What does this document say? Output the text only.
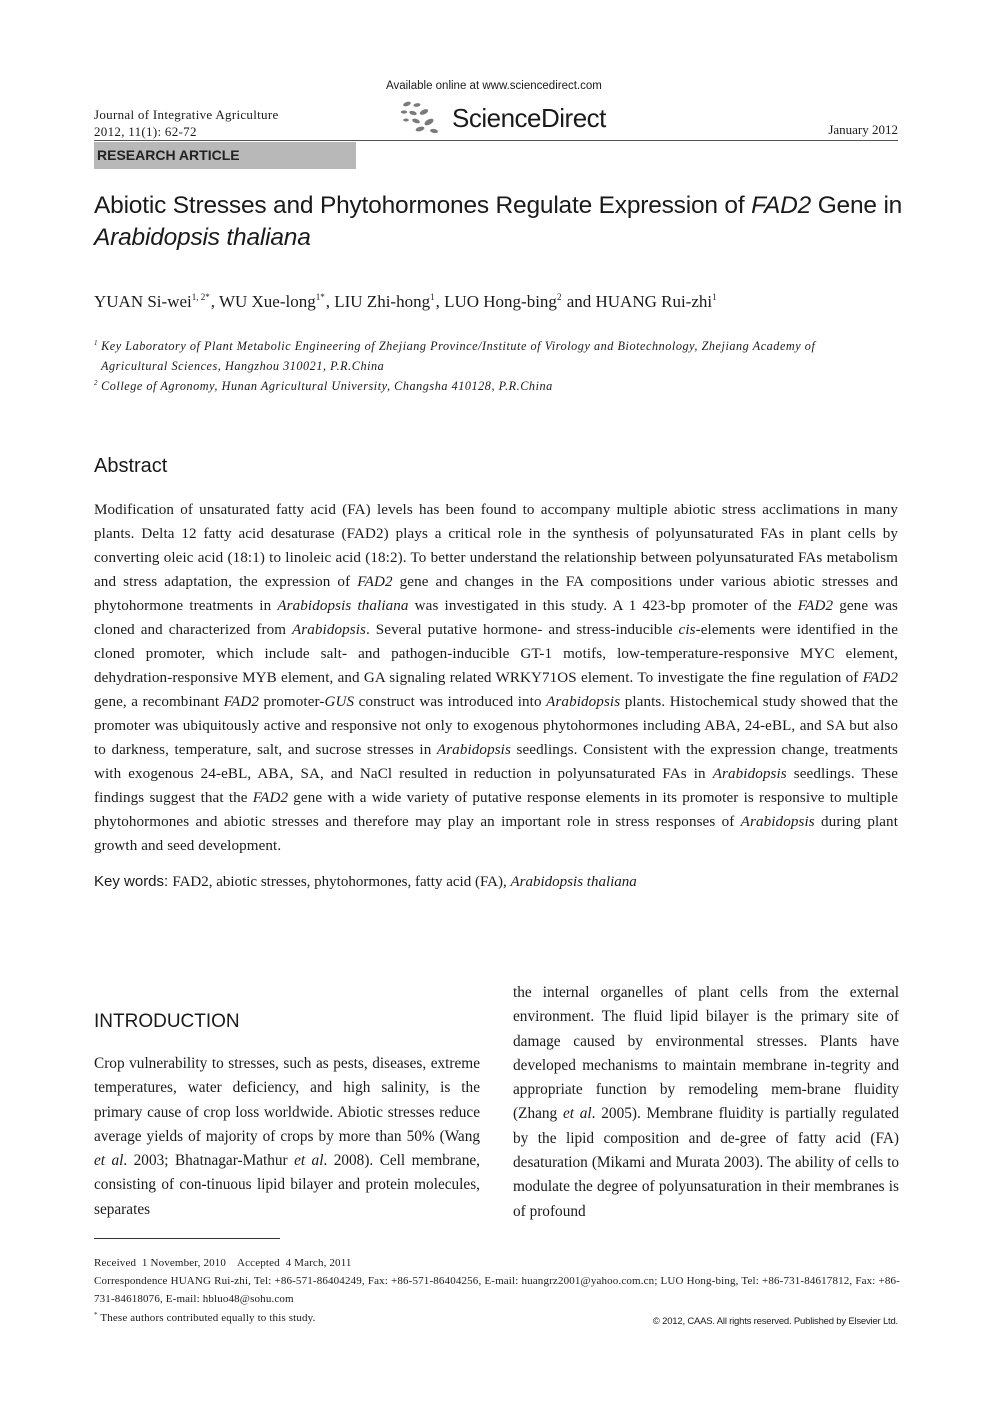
Journal of Integrative Agriculture
2012, 11(1): 62-72
Available online at www.sciencedirect.com
ScienceDirect	January 2012
RESEARCH ARTICLE
Abiotic Stresses and Phytohormones Regulate Expression of FAD2 Gene in
Arabidopsis thaliana
YUAN Si-wei$^{1, 2*}$, WU Xue-long$^{1*}$, LIU Zhi-hong$^1$, LUO Hong-bing$^2$ and HUANG Rui-zhi$^1$
$^1$ Key Laboratory of Plant Metabolic Engineering of Zhejiang Province/Institute of Virology and Biotechnology, Zhejiang Academy of
Agricultural Sciences, Hangzhou 310021, P.R.China
$^2$ College of Agronomy, Hunan Agricultural University, Changsha 410128, P.R.China
Abstract
Modification of unsaturated fatty acid (FA) levels has been found to accompany multiple abiotic stress acclimations in many plants. Delta 12 fatty acid desaturase (FAD2) plays a critical role in the synthesis of polyunsaturated FAs in plant cells by converting oleic acid (18:1) to linoleic acid (18:2). To better understand the relationship between polyunsaturated FAs metabolism and stress adaptation, the expression of FAD2 gene and changes in the FA compositions under various abiotic stresses and phytohormone treatments in Arabidopsis thaliana was investigated in this study. A 1 423-bp promoter of the FAD2 gene was cloned and characterized from Arabidopsis. Several putative hormone- and stress-inducible cis-elements were identified in the cloned promoter, which include salt- and pathogen-inducible GT-1 motifs, low-temperature-responsive MYC element, dehydration-responsive MYB element, and GA signaling related WRKY71OS element. To investigate the fine regulation of FAD2 gene, a recombinant FAD2 promoter-GUS construct was introduced into Arabidopsis plants. Histochemical study showed that the promoter was ubiquitously active and responsive not only to exogenous phytohormones including ABA, 24-eBL, and SA but also to darkness, temperature, salt, and sucrose stresses in Arabidopsis seedlings. Consistent with the expression change, treatments with exogenous 24-eBL, ABA, SA, and NaCl resulted in reduction in polyunsaturated FAs in Arabidopsis seedlings. These findings suggest that the FAD2 gene with a wide variety of putative response elements in its promoter is responsive to multiple phytohormones and abiotic stresses and therefore may play an important role in stress responses of Arabidopsis during plant growth and seed development.
Key words: FAD2, abiotic stresses, phytohormones, fatty acid (FA), Arabidopsis thaliana
INTRODUCTION
Crop vulnerability to stresses, such as pests, diseases, extreme temperatures, water deficiency, and high salinity, is the primary cause of crop loss worldwide. Abiotic stresses reduce average yields of majority of crops by more than 50% (Wang et al. 2003; Bhatnagar-Mathur et al. 2008). Cell membrane, consisting of con-tinuous lipid bilayer and protein molecules, separates
the internal organelles of plant cells from the external environment. The fluid lipid bilayer is the primary site of damage caused by environmental stresses. Plants have developed mechanisms to maintain membrane in-tegrity and appropriate function by remodeling mem-brane fluidity (Zhang et al. 2005). Membrane fluidity is partially regulated by the lipid composition and de-gree of fatty acid (FA) desaturation (Mikami and Murata 2003). The ability of cells to modulate the degree of polyunsaturation in their membranes is of profound
Received  1 November, 2010    Accepted  4 March, 2011
Correspondence HUANG Rui-zhi, Tel: +86-571-86404249, Fax: +86-571-86404256, E-mail: huangrz2001@yahoo.com.cn; LUO Hong-bing, Tel: +86-731-84617812, Fax: +86-731-84618076, E-mail: hbluo48@sohu.com
* These authors contributed equally to this study.	© 2012, CAAS. All rights reserved. Published by Elsevier Ltd.
